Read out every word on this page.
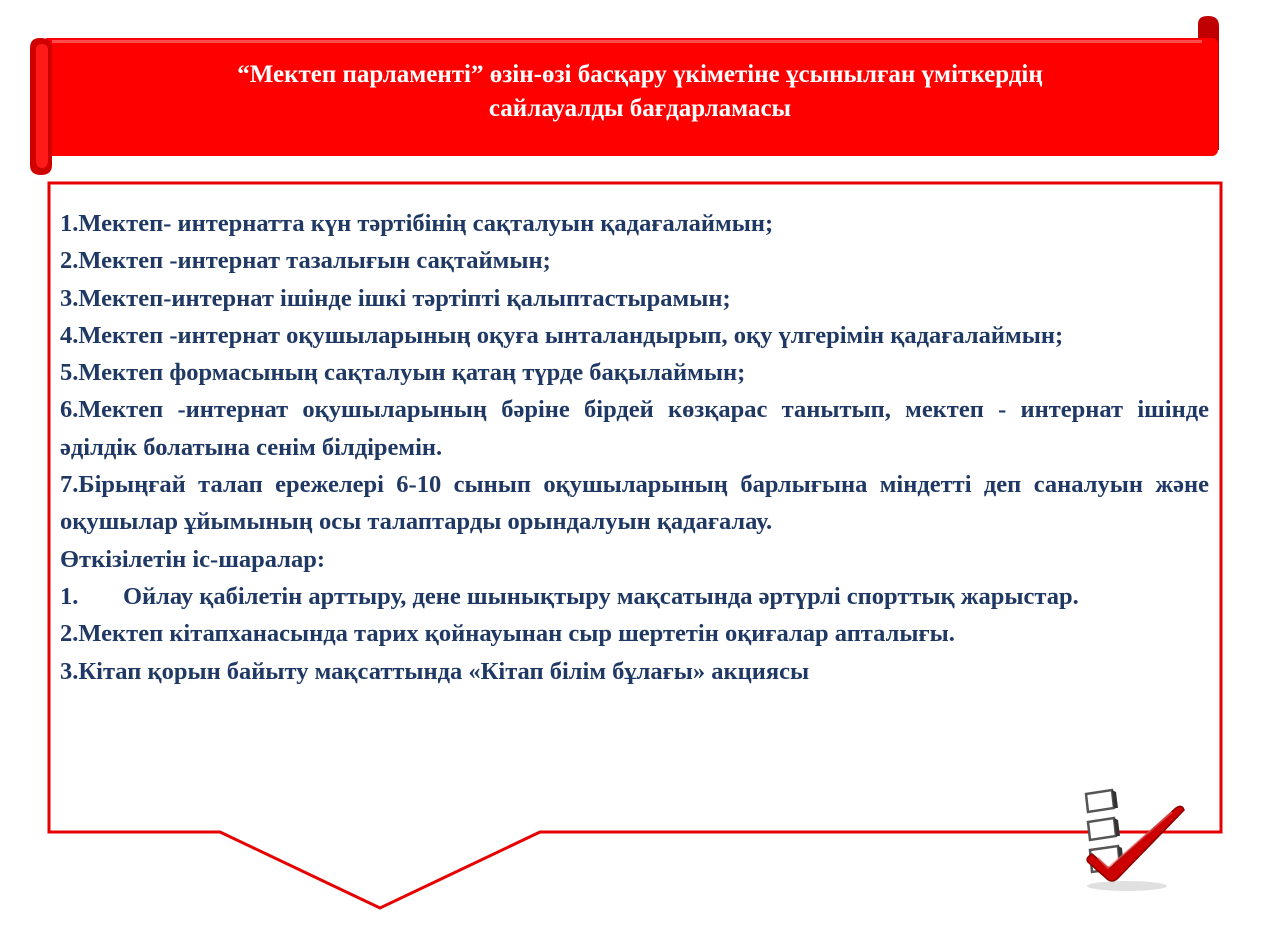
“Мектеп парламенті” өзін-өзі басқару үкіметіне ұсынылған үміткердің
сайлауалды бағдарламасы

1.Мектеп- интернатта күн тәртібінің сақталуын қадағалаймын;

2.Мектеп -интернат тазалығын сақтаймын;

3.Мектеп-интернат ішінде ішкі тәртіпті қалыптастырамын;

4.Мектеп -интернат оқушыларының оқуға ынталандырып, оқу үлгерімін қадағалаймын;

5.Мектеп формасының сақталуын қатаң түрде бақылаймын;

6.Мектеп -интернат оқушыларының бәріне бірдей көзқарас танытып, мектеп - интернат ішінде әділдік болатына сенім білдіремін.

7.Бірыңғай талап ережелері 6-10 сынып оқушыларының барлығына міндетті деп саналуын және оқушылар ұйымының осы талаптарды орындалуын қадағалау.

Өткізілетін іс-шаралар:

1. Ойлау қабілетін арттыру, дене шынықтыру мақсатында әртүрлі спорттық жарыстар.

2.Мектеп кітапханасында тарих қойнауынан сыр шертетін оқиғалар апталығы.

3.Кітап қорын байыту мақсаттында «Кітап білім бұлағы» акциясы
